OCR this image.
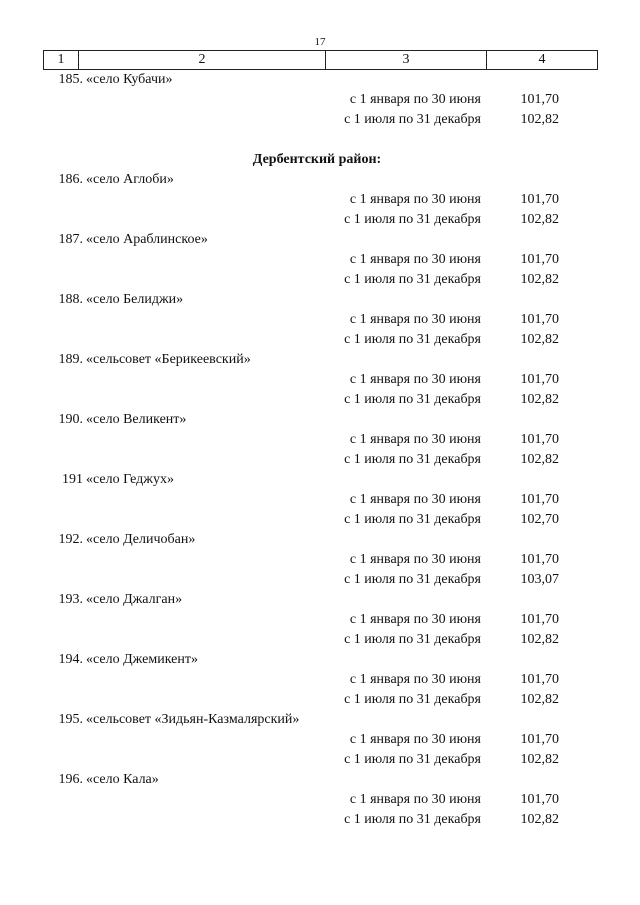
17
1	2	3	4
185. «село Кубачи»
с 1 января по 30 июня	101,70
с 1 июля по 31 декабря	102,82
Дербентский район:
186. «село Аглоби»
с 1 января по 30 июня	101,70
с 1 июля по 31 декабря	102,82
187. «село Араблинское»
с 1 января по 30 июня	101,70
с 1 июля по 31 декабря	102,82
188. «село Белиджи»
с 1 января по 30 июня	101,70
с 1 июля по 31 декабря	102,82
189. «сельсовет «Берикеевский»
с 1 января по 30 июня	101,70
с 1 июля по 31 декабря	102,82
190. «село Великент»
с 1 января по 30 июня	101,70
с 1 июля по 31 декабря	102,82
191 «село Геджух»
с 1 января по 30 июня	101,70
с 1 июля по 31 декабря	102,70
192. «село Деличобан»
с 1 января по 30 июня	101,70
с 1 июля по 31 декабря	103,07
193. «село Джалган»
с 1 января по 30 июня	101,70
с 1 июля по 31 декабря	102,82
194. «село Джемикент»
с 1 января по 30 июня	101,70
с 1 июля по 31 декабря	102,82
195. «сельсовет «Зидьян-Казмалярский»
с 1 января по 30 июня	101,70
с 1 июля по 31 декабря	102,82
196. «село Кала»
с 1 января по 30 июня	101,70
с 1 июля по 31 декабря	102,82
